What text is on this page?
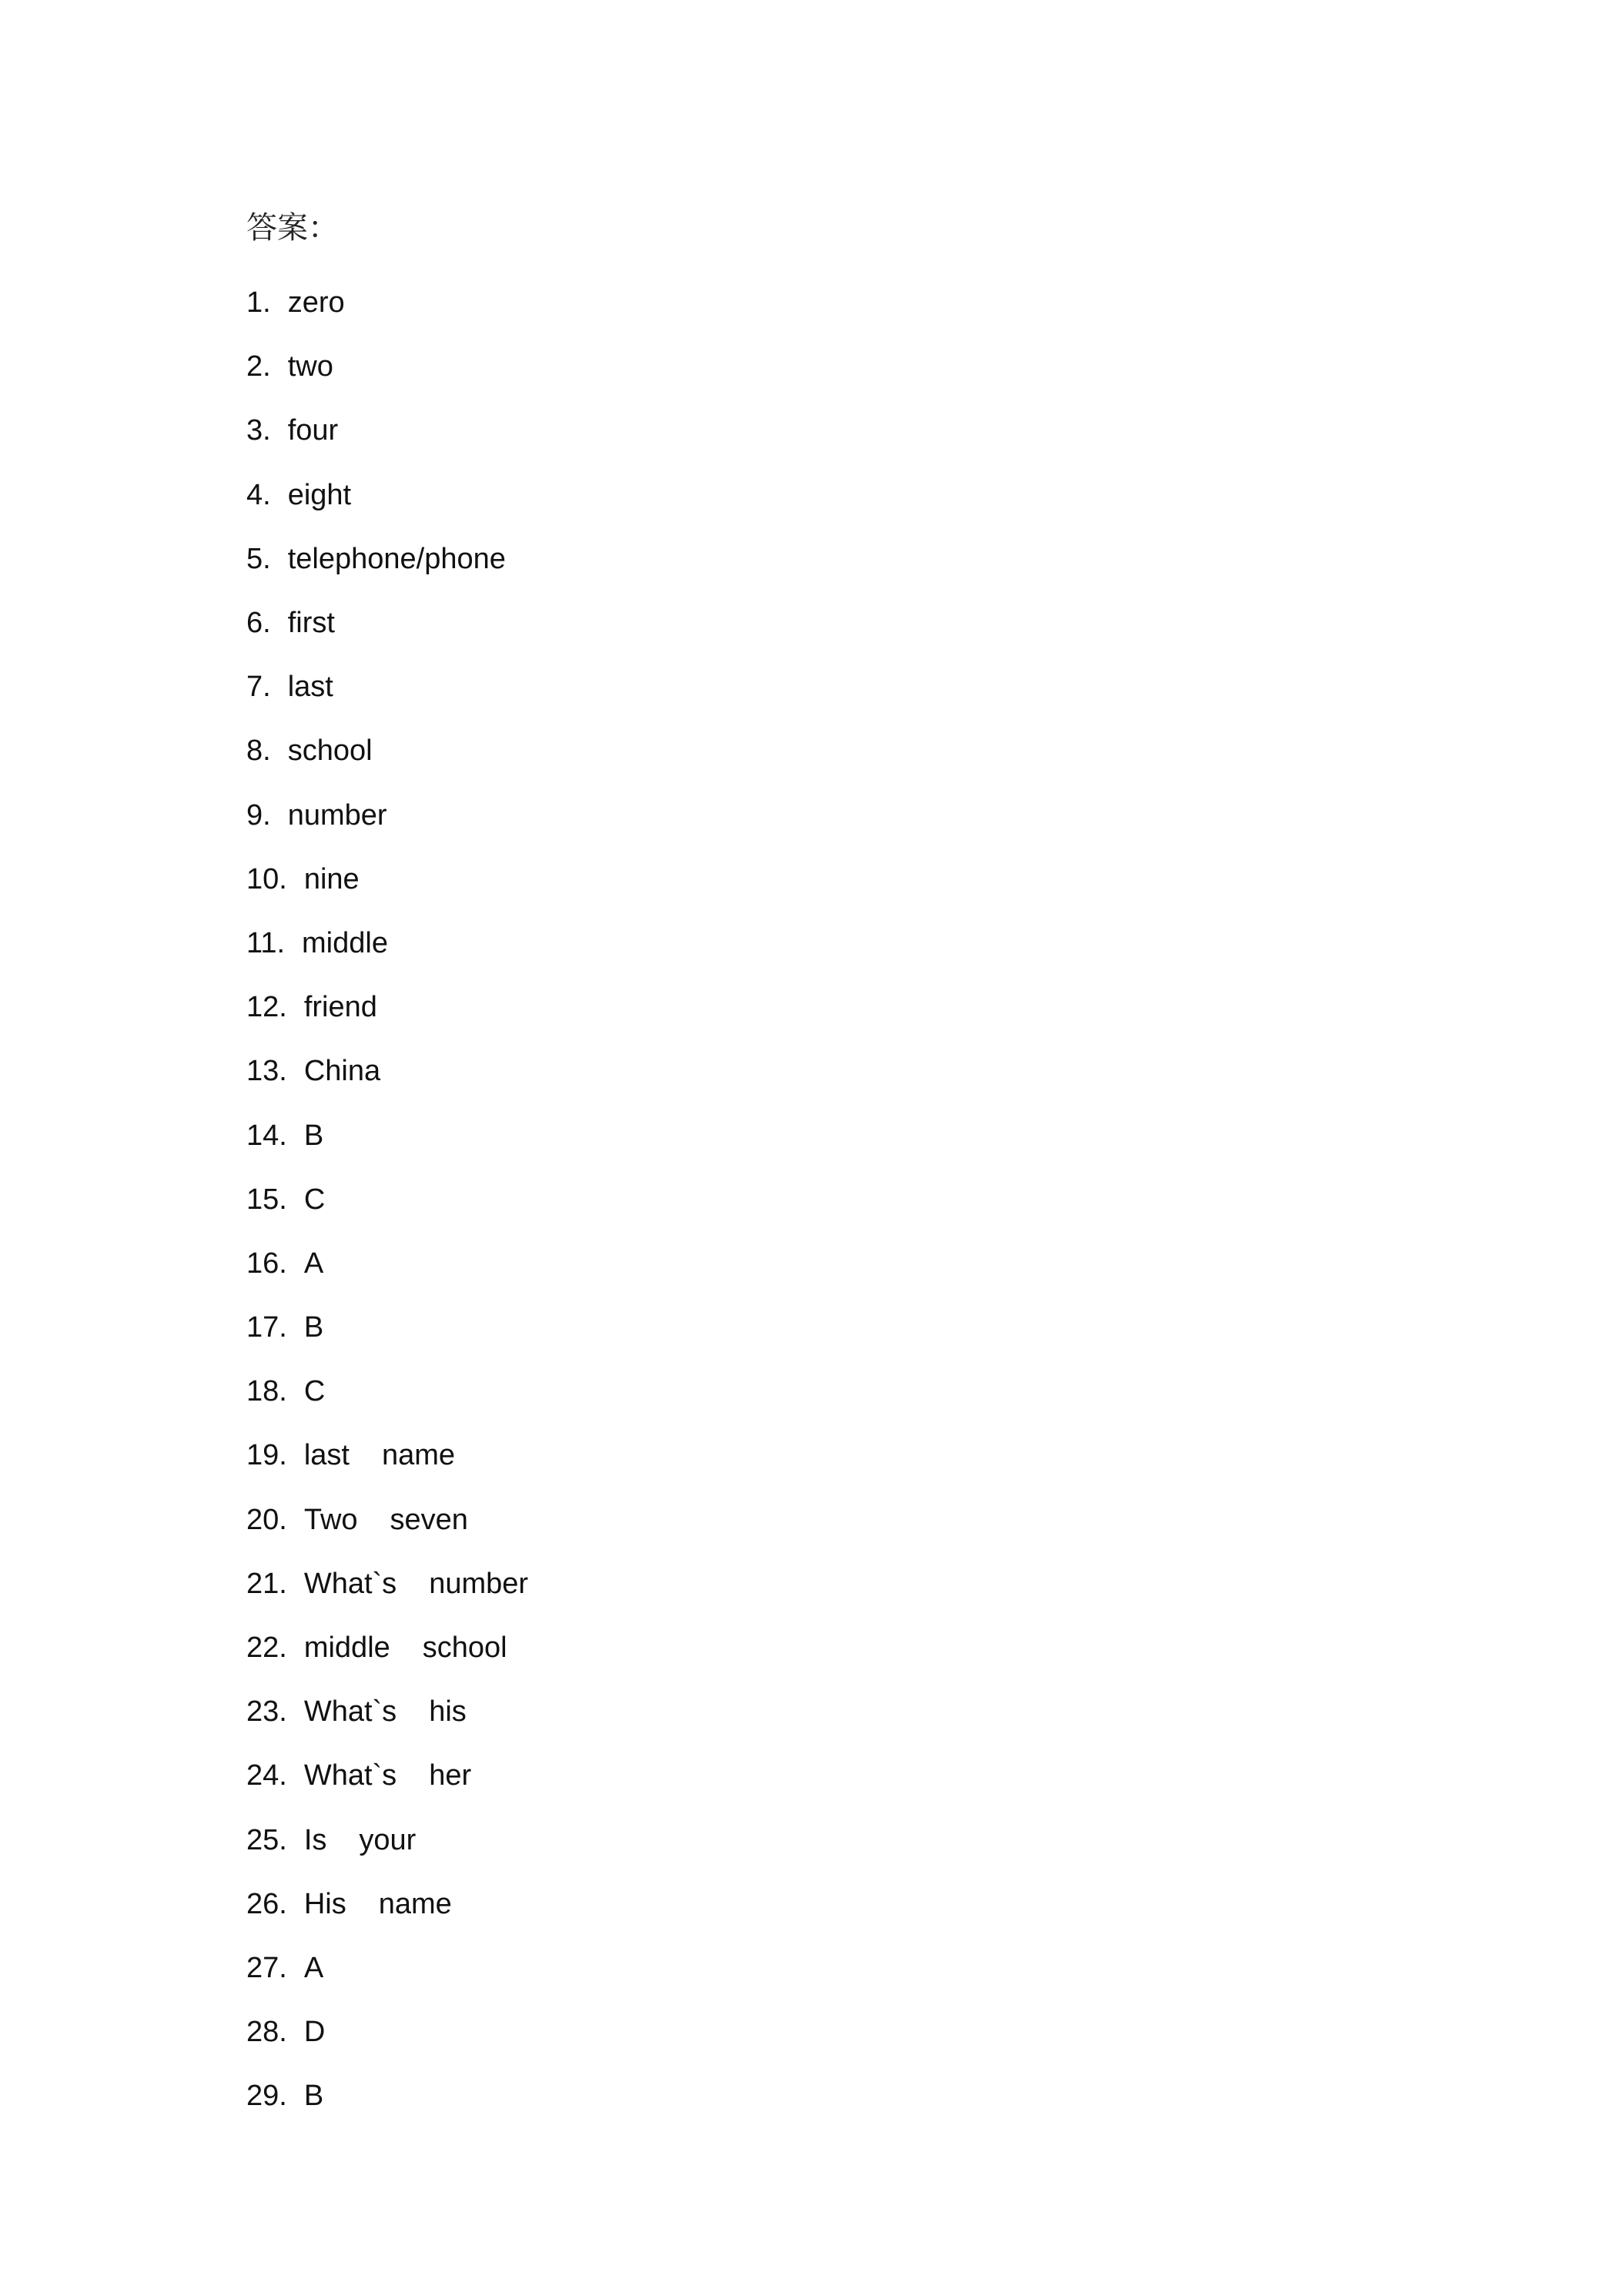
答案：
1. zero
2. two
3. four
4. eight
5. telephone/phone
6. first
7. last
8. school
9. number
10. nine
11. middle
12. friend
13. China
14. B
15. C
16. A
17. B
18. C
19. last name
20. Two seven
21. What`s number
22. middle school
23. What`s his
24. What`s her
25. Is your
26. His name
27. A
28. D
29. B
